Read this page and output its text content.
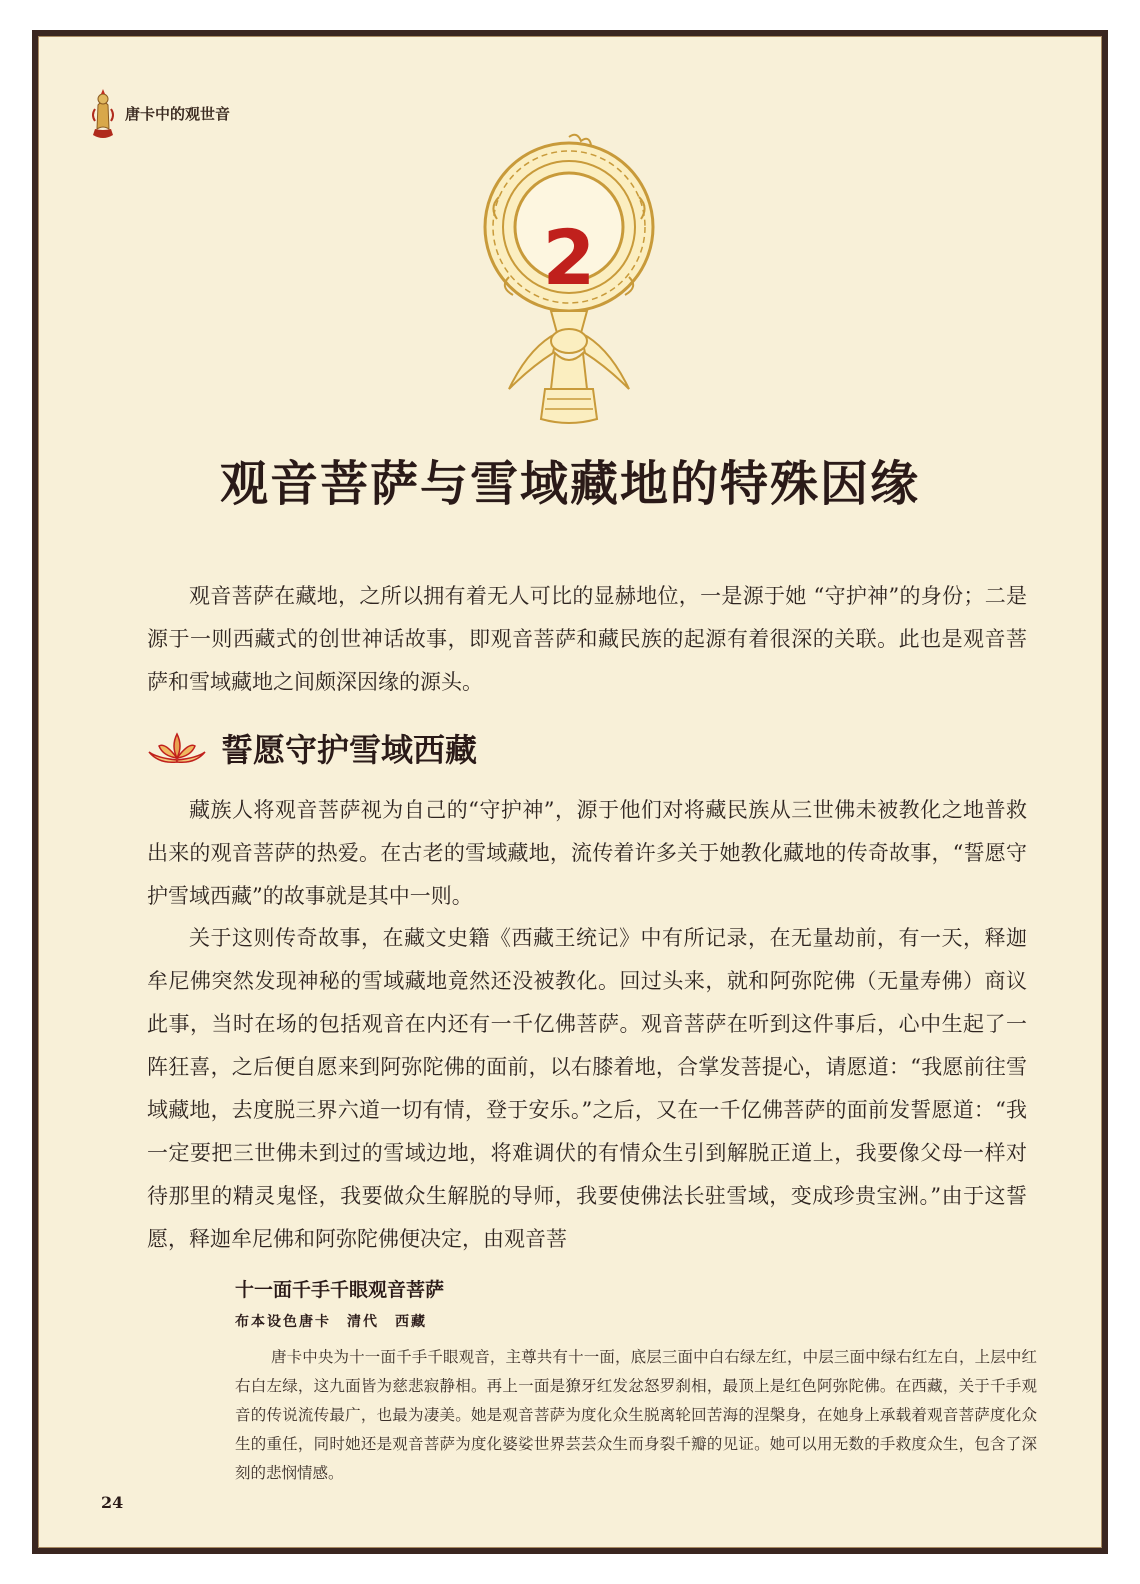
唐卡中的观世音
2
观音菩萨与雪域藏地的特殊因缘

观音菩萨在藏地，之所以拥有着无人可比的显赫地位，一是源于她 “守护神”的身份；二是源于一则西藏式的创世神话故事，即观音菩萨和藏民族的起源有着很深的关联。此也是观音菩萨和雪域藏地之间颇深因缘的源头。

誓愿守护雪域西藏

藏族人将观音菩萨视为自己的“守护神”，源于他们对将藏民族从三世佛未被教化之地普救出来的观音菩萨的热爱。在古老的雪域藏地，流传着许多关于她教化藏地的传奇故事，“誓愿守护雪域西藏”的故事就是其中一则。

关于这则传奇故事，在藏文史籍《西藏王统记》中有所记录，在无量劫前，有一天，释迦牟尼佛突然发现神秘的雪域藏地竟然还没被教化。回过头来，就和阿弥陀佛（无量寿佛）商议此事，当时在场的包括观音在内还有一千亿佛菩萨。观音菩萨在听到这件事后，心中生起了一阵狂喜，之后便自愿来到阿弥陀佛的面前，以右膝着地，合掌发菩提心，请愿道：“我愿前往雪域藏地，去度脱三界六道一切有情，登于安乐。”之后，又在一千亿佛菩萨的面前发誓愿道：“我一定要把三世佛未到过的雪域边地，将难调伏的有情众生引到解脱正道上，我要像父母一样对待那里的精灵鬼怪，我要做众生解脱的导师，我要使佛法长驻雪域，变成珍贵宝洲。”由于这誓愿，释迦牟尼佛和阿弥陀佛便决定，由观音菩

十一面千手千眼观音菩萨
布本设色唐卡　清代　西藏

唐卡中央为十一面千手千眼观音，主尊共有十一面，底层三面中白右绿左红，中层三面中绿右红左白，上层中红右白左绿，这九面皆为慈悲寂静相。再上一面是獠牙红发忿怒罗刹相，最顶上是红色阿弥陀佛。在西藏，关于千手观音的传说流传最广，也最为凄美。她是观音菩萨为度化众生脱离轮回苦海的涅槃身，在她身上承载着观音菩萨度化众生的重任，同时她还是观音菩萨为度化婆娑世界芸芸众生而身裂千瓣的见证。她可以用无数的手救度众生，包含了深刻的悲悯情感。

24
